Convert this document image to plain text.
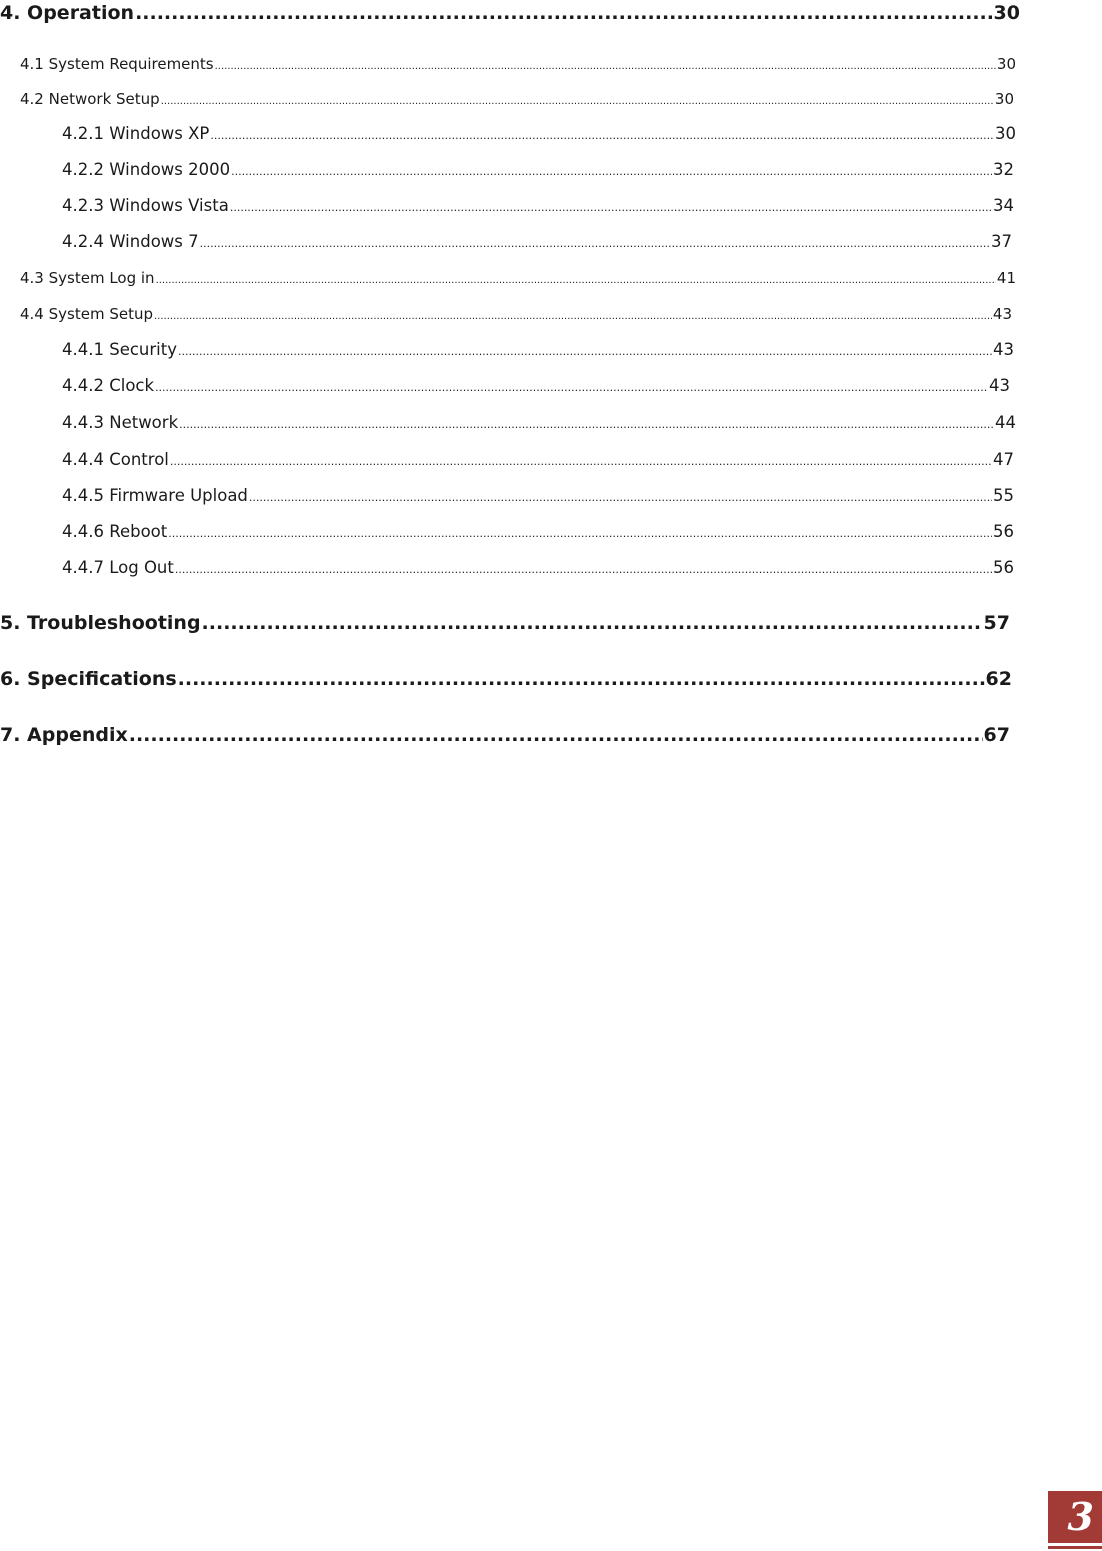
4. Operation .....	30
4.1 System Requirements .....	30
4.2 Network Setup .....	30
4.2.1 Windows XP .....	30
4.2.2 Windows 2000 .....	32
4.2.3 Windows Vista .....	34
4.2.4 Windows 7 .....	37
4.3 System Log in .....	41
4.4 System Setup .....	43
4.4.1 Security .....	43
4.4.2 Clock .....	43
4.4.3 Network .....	44
4.4.4 Control .....	47
4.4.5 Firmware Upload .....	55
4.4.6 Reboot .....	56
4.4.7 Log Out .....	56
5. Troubleshooting .....	57
6. Specifications .....	62
7. Appendix .....	67
3
